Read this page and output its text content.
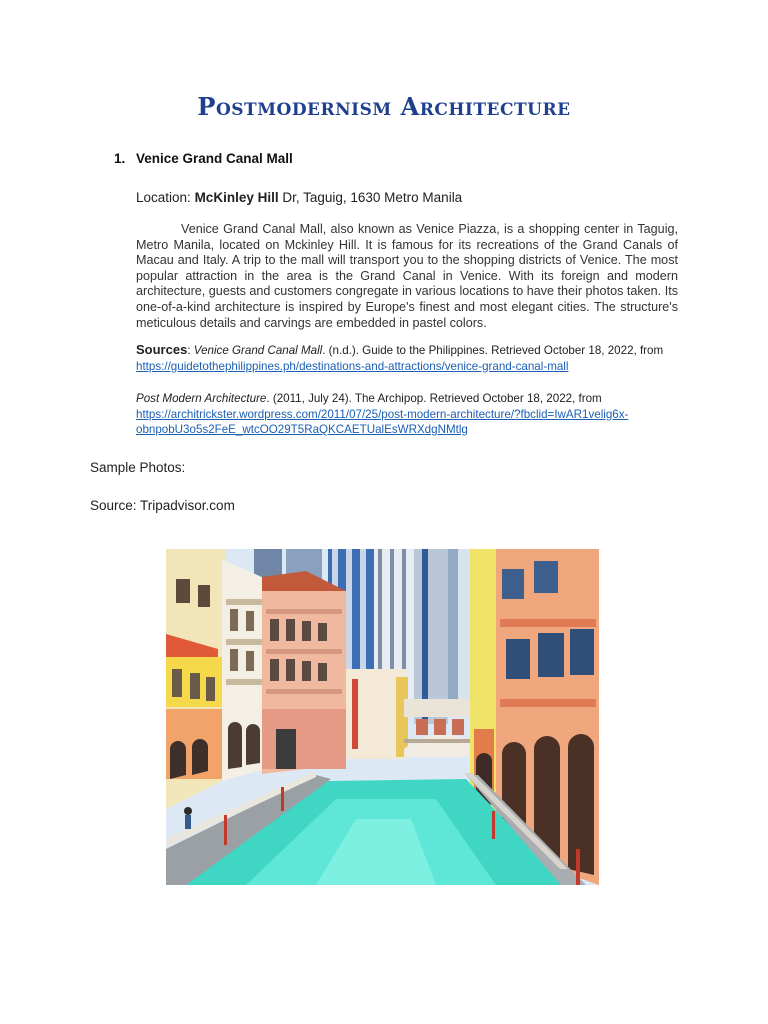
Postmodernism Architecture
1. Venice Grand Canal Mall
Location: McKinley Hill Dr, Taguig, 1630 Metro Manila
Venice Grand Canal Mall, also known as Venice Piazza, is a shopping center in Taguig, Metro Manila, located on Mckinley Hill. It is famous for its recreations of the Grand Canals of Macau and Italy. A trip to the mall will transport you to the shopping districts of Venice. The most popular attraction in the area is the Grand Canal in Venice. With its foreign and modern architecture, guests and customers congregate in various locations to have their photos taken. Its one-of-a-kind architecture is inspired by Europe's finest and most elegant cities. The structure's meticulous details and carvings are embedded in pastel colors.
Sources: Venice Grand Canal Mall. (n.d.). Guide to the Philippines. Retrieved October 18, 2022, from
https://guidetothephilippines.ph/destinations-and-attractions/venice-grand-canal-mall
Post Modern Architecture. (2011, July 24). The Archipop. Retrieved October 18, 2022, from
https://architrickster.wordpress.com/2011/07/25/post-modern-architecture/?fbclid=IwAR1velig6x-
obnpobU3o5s2FeE_wtcOO29T5RaQKCAETUalEsWRXdgNMtlg
Sample Photos:
Source: Tripadvisor.com
